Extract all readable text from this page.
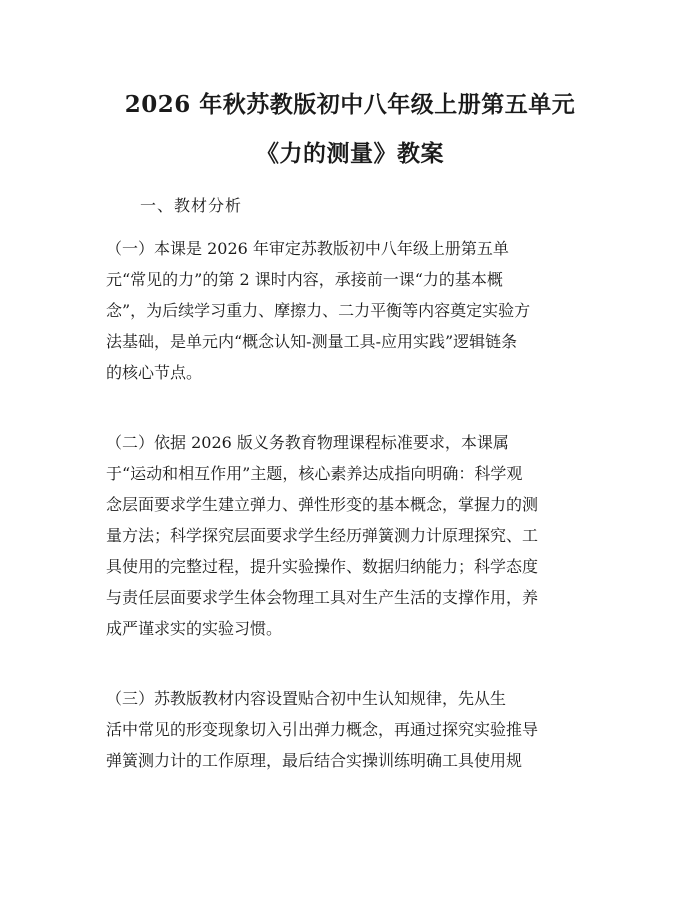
2026 年秋苏教版初中八年级上册第五单元
《力的测量》教案
一、教材分析
（一）本课是 2026 年审定苏教版初中八年级上册第五单
元“常见的力”的第 2 课时内容，承接前一课“力的基本概
念”，为后续学习重力、摩擦力、二力平衡等内容奠定实验方
法基础，是单元内“概念认知-测量工具-应用实践”逻辑链条
的核心节点。
（二）依据 2026 版义务教育物理课程标准要求，本课属
于“运动和相互作用”主题，核心素养达成指向明确：科学观
念层面要求学生建立弹力、弹性形变的基本概念，掌握力的测
量方法；科学探究层面要求学生经历弹簧测力计原理探究、工
具使用的完整过程，提升实验操作、数据归纳能力；科学态度
与责任层面要求学生体会物理工具对生产生活的支撑作用，养
成严谨求实的实验习惯。
（三）苏教版教材内容设置贴合初中生认知规律，先从生
活中常见的形变现象切入引出弹力概念，再通过探究实验推导
弹簧测力计的工作原理，最后结合实操训练明确工具使用规
